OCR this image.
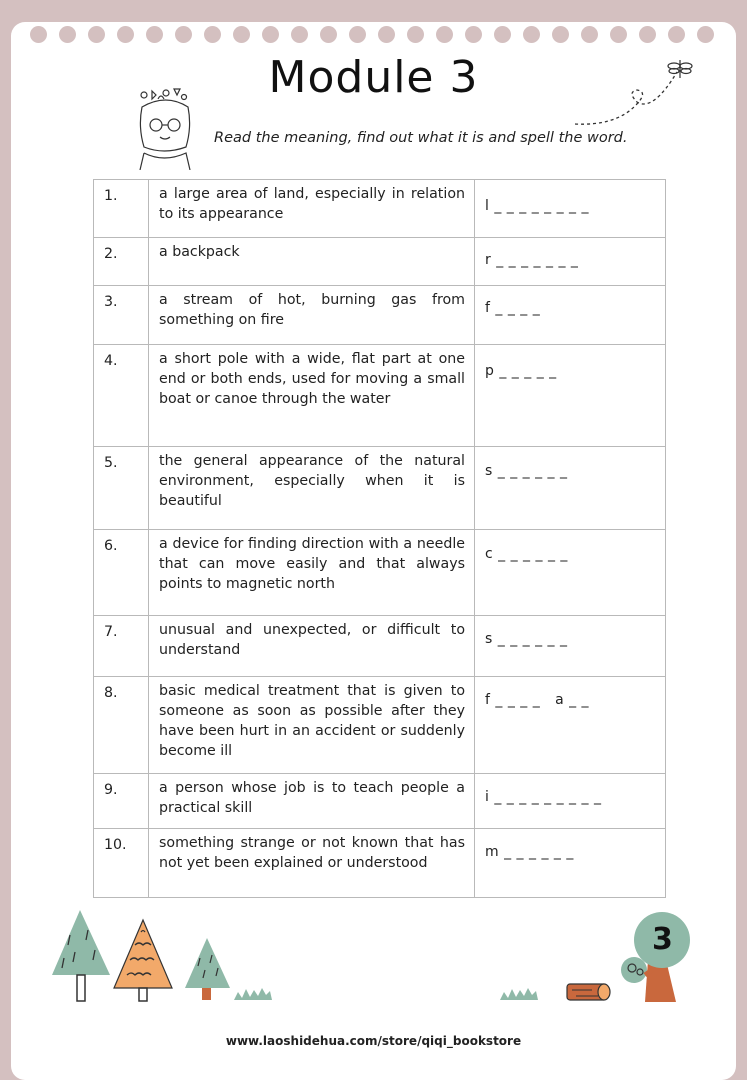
Module 3
Read the meaning, find out what it is and spell the word.
1.	a large area of land, especially in relation to its appearance	l _ _ _ _ _ _ _ _
2.	a backpack	r _ _ _ _ _ _ _
3.	a stream of hot, burning gas from something on fire	f _ _ _ _
4.	a short pole with a wide, flat part at one end or both ends, used for moving a small boat or canoe through the water	p _ _ _ _ _
5.	the general appearance of the natural environment, especially when it is beautiful	s _ _ _ _ _ _
6.	a device for finding direction with a needle that can move easily and that always points to magnetic north	c _ _ _ _ _ _
7.	unusual and unexpected, or difficult to understand	s _ _ _ _ _ _
8.	basic medical treatment that is given to someone as soon as possible after they have been hurt in an accident or suddenly become ill	f _ _ _ _   a _ _
9.	a person whose job is to teach people a practical skill	i _ _ _ _ _ _ _ _ _
10.	something strange or not known that has not yet been explained or understood	m _ _ _ _ _ _
3
www.laoshidehua.com/store/qiqi_bookstore
